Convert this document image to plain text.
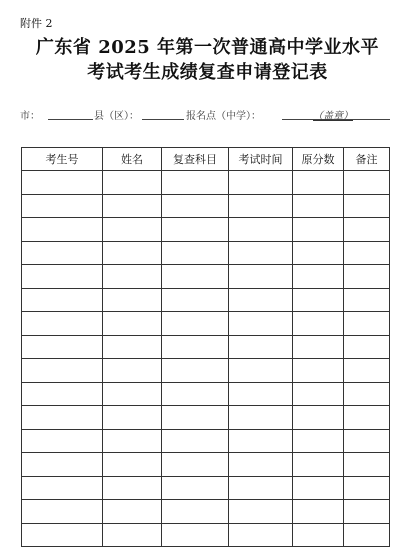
附件 2
广东省 2025 年第一次普通高中学业水平
考试考生成绩复查申请登记表
市：	县（区）：	报名点（中学）：	（盖章）
考生号	姓名	复查科目	考试时间	原分数	备注
